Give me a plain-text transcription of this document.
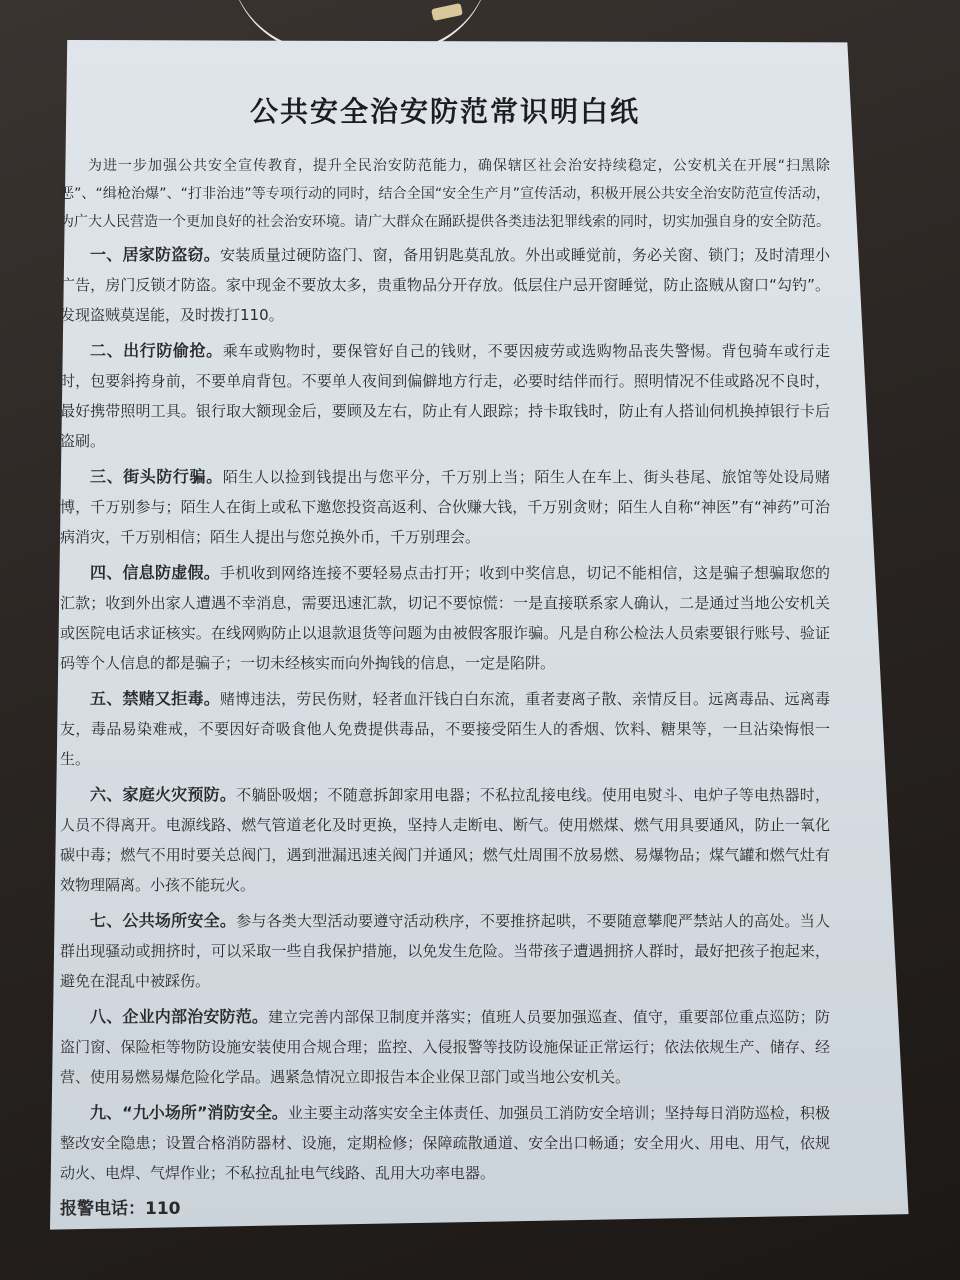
公共安全治安防范常识明白纸

为进一步加强公共安全宣传教育，提升全民治安防范能力，确保辖区社会治安持续稳定，公安机关在开展“扫黑除恶”、“缉枪治爆”、“打非治违”等专项行动的同时，结合全国“安全生产月”宣传活动，积极开展公共安全治安防范宣传活动，为广大人民营造一个更加良好的社会治安环境。请广大群众在踊跃提供各类违法犯罪线索的同时，切实加强自身的安全防范。

一、居家防盗窃。安装质量过硬防盗门、窗，备用钥匙莫乱放。外出或睡觉前，务必关窗、锁门；及时清理小广告，房门反锁才防盗。家中现金不要放太多，贵重物品分开存放。低层住户忌开窗睡觉，防止盗贼从窗口“勾钓”。发现盗贼莫逞能，及时拨打110。

二、出行防偷抢。乘车或购物时，要保管好自己的钱财，不要因疲劳或选购物品丧失警惕。背包骑车或行走时，包要斜挎身前，不要单肩背包。不要单人夜间到偏僻地方行走，必要时结伴而行。照明情况不佳或路况不良时，最好携带照明工具。银行取大额现金后，要顾及左右，防止有人跟踪；持卡取钱时，防止有人搭讪伺机换掉银行卡后盗刷。

三、街头防行骗。陌生人以捡到钱提出与您平分，千万别上当；陌生人在车上、街头巷尾、旅馆等处设局赌博，千万别参与；陌生人在街上或私下邀您投资高返利、合伙赚大钱，千万别贪财；陌生人自称“神医”有“神药”可治病消灾，千万别相信；陌生人提出与您兑换外币，千万别理会。

四、信息防虚假。手机收到网络连接不要轻易点击打开；收到中奖信息，切记不能相信，这是骗子想骗取您的汇款；收到外出家人遭遇不幸消息，需要迅速汇款，切记不要惊慌：一是直接联系家人确认，二是通过当地公安机关或医院电话求证核实。在线网购防止以退款退货等问题为由被假客服诈骗。凡是自称公检法人员索要银行账号、验证码等个人信息的都是骗子；一切未经核实而向外掏钱的信息，一定是陷阱。

五、禁赌又拒毒。赌博违法，劳民伤财，轻者血汗钱白白东流，重者妻离子散、亲情反目。远离毒品、远离毒友，毒品易染难戒，不要因好奇吸食他人免费提供毒品，不要接受陌生人的香烟、饮料、糖果等，一旦沾染悔恨一生。

六、家庭火灾预防。不躺卧吸烟；不随意拆卸家用电器；不私拉乱接电线。使用电熨斗、电炉子等电热器时，人员不得离开。电源线路、燃气管道老化及时更换，坚持人走断电、断气。使用燃煤、燃气用具要通风，防止一氧化碳中毒；燃气不用时要关总阀门，遇到泄漏迅速关阀门并通风；燃气灶周围不放易燃、易爆物品；煤气罐和燃气灶有效物理隔离。小孩不能玩火。

七、公共场所安全。参与各类大型活动要遵守活动秩序，不要推挤起哄，不要随意攀爬严禁站人的高处。当人群出现骚动或拥挤时，可以采取一些自我保护措施，以免发生危险。当带孩子遭遇拥挤人群时，最好把孩子抱起来，避免在混乱中被踩伤。

八、企业内部治安防范。建立完善内部保卫制度并落实；值班人员要加强巡查、值守，重要部位重点巡防；防盗门窗、保险柜等物防设施安装使用合规合理；监控、入侵报警等技防设施保证正常运行；依法依规生产、储存、经营、使用易燃易爆危险化学品。遇紧急情况立即报告本企业保卫部门或当地公安机关。

九、“九小场所”消防安全。业主要主动落实安全主体责任、加强员工消防安全培训；坚持每日消防巡检，积极整改安全隐患；设置合格消防器材、设施，定期检修；保障疏散通道、安全出口畅通；安全用火、用电、用气，依规动火、电焊、气焊作业；不私拉乱扯电气线路、乱用大功率电器。

报警电话：110
